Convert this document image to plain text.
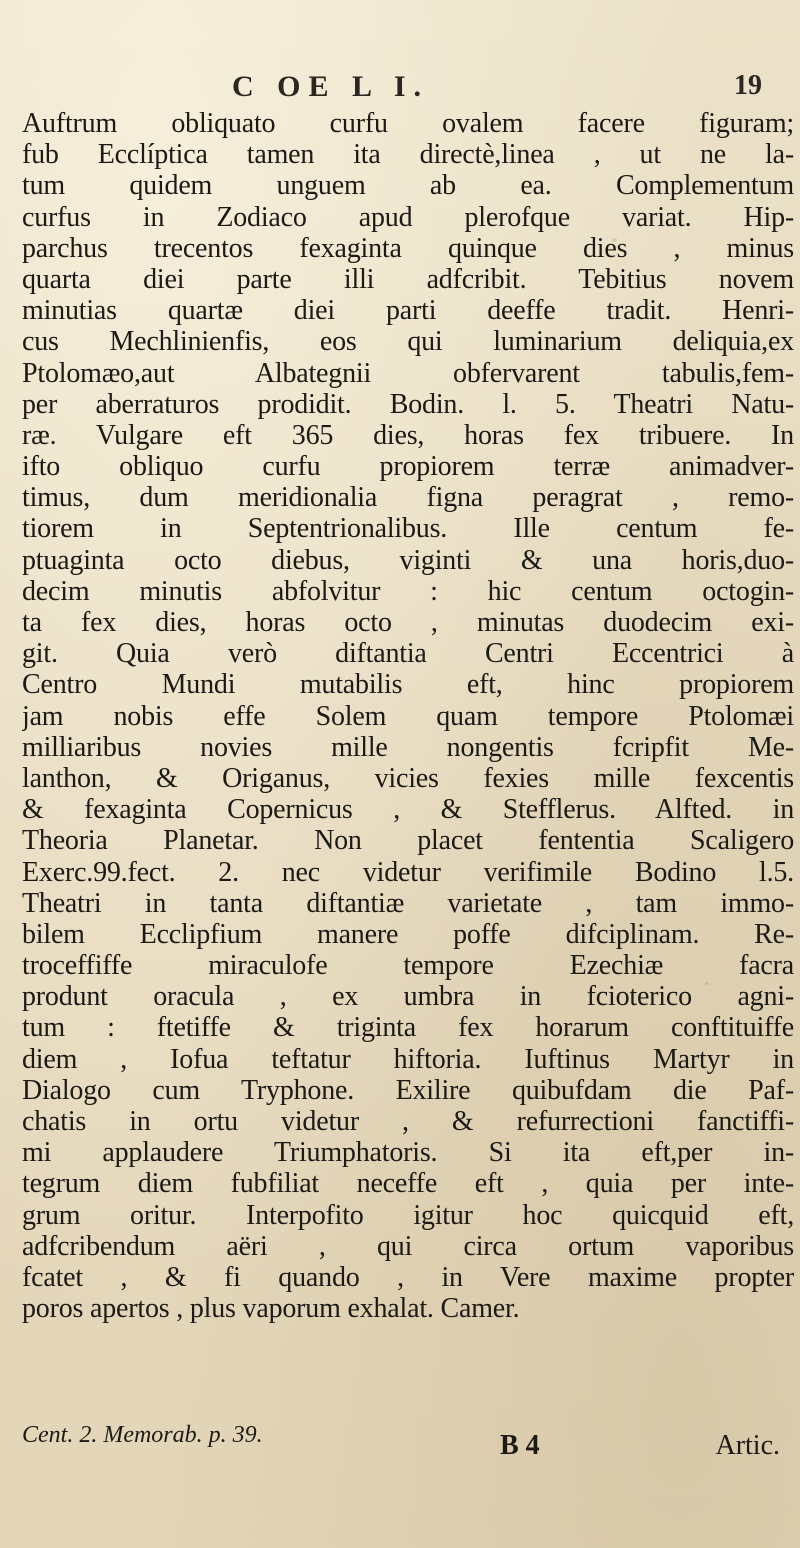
C OE L I.	19
Auftrum obliquato curfu ovalem facere figuram;
fub Ecclíptica tamen ita directè,linea , ut ne la-
tum quidem unguem ab ea. Complementum
curfus in Zodiaco apud plerofque variat. Hip-
parchus trecentos fexaginta quinque dies , minus
quarta diei parte illi adfcribit. Tebitius novem
minutias quartæ diei parti deeffe tradit. Henri-
cus Mechlinienfis, eos qui luminarium deliquia,ex
Ptolomæo,aut Albategnii obfervarent tabulis,fem-
per aberraturos prodidit. Bodin. l. 5. Theatri Natu-
ræ. Vulgare eft 365 dies, horas fex tribuere. In
ifto obliquo curfu propiorem terræ animadver-
timus, dum meridionalia figna peragrat , remo-
tiorem in Septentrionalibus. Ille centum fe-
ptuaginta octo diebus, viginti & una horis,duo-
decim minutis abfolvitur : hic centum octogin-
ta fex dies, horas octo , minutas duodecim exi-
git. Quia verò diftantia Centri Eccentrici à
Centro Mundi mutabilis eft, hinc propiorem
jam nobis effe Solem quam tempore Ptolomæi
milliaribus novies mille nongentis fcripfit Me-
lanthon, & Origanus, vicies fexies mille fexcentis
& fexaginta Copernicus , & Stefflerus. Alfted. in
Theoria Planetar. Non placet fententia Scaligero
Exerc.99.fect. 2. nec videtur verifimile Bodino l.5.
Theatri in tanta diftantiæ varietate , tam immo-
bilem Ecclipfium manere poffe difciplinam. Re-
troceffiffe miraculofe tempore Ezechiæ facra
produnt oracula , ex umbra in fcioterico agni-
tum : ftetiffe & triginta fex horarum conftituiffe
diem , Iofua teftatur hiftoria. Iuftinus Martyr in
Dialogo cum Tryphone. Exilire quibufdam die Paf-
chatis in ortu videtur , & refurrectioni fanctiffi-
mi applaudere Triumphatoris. Si ita eft,per in-
tegrum diem fubfiliat neceffe eft , quia per inte-
grum oritur. Interpofito igitur hoc quicquid eft,
adfcribendum aëri , qui circa ortum vaporibus
fcatet , & fi quando , in Vere maxime propter
poros apertos , plus vaporum exhalat. Camer.
Cent. 2. Memorab. p. 39.	B 4	Artic.
